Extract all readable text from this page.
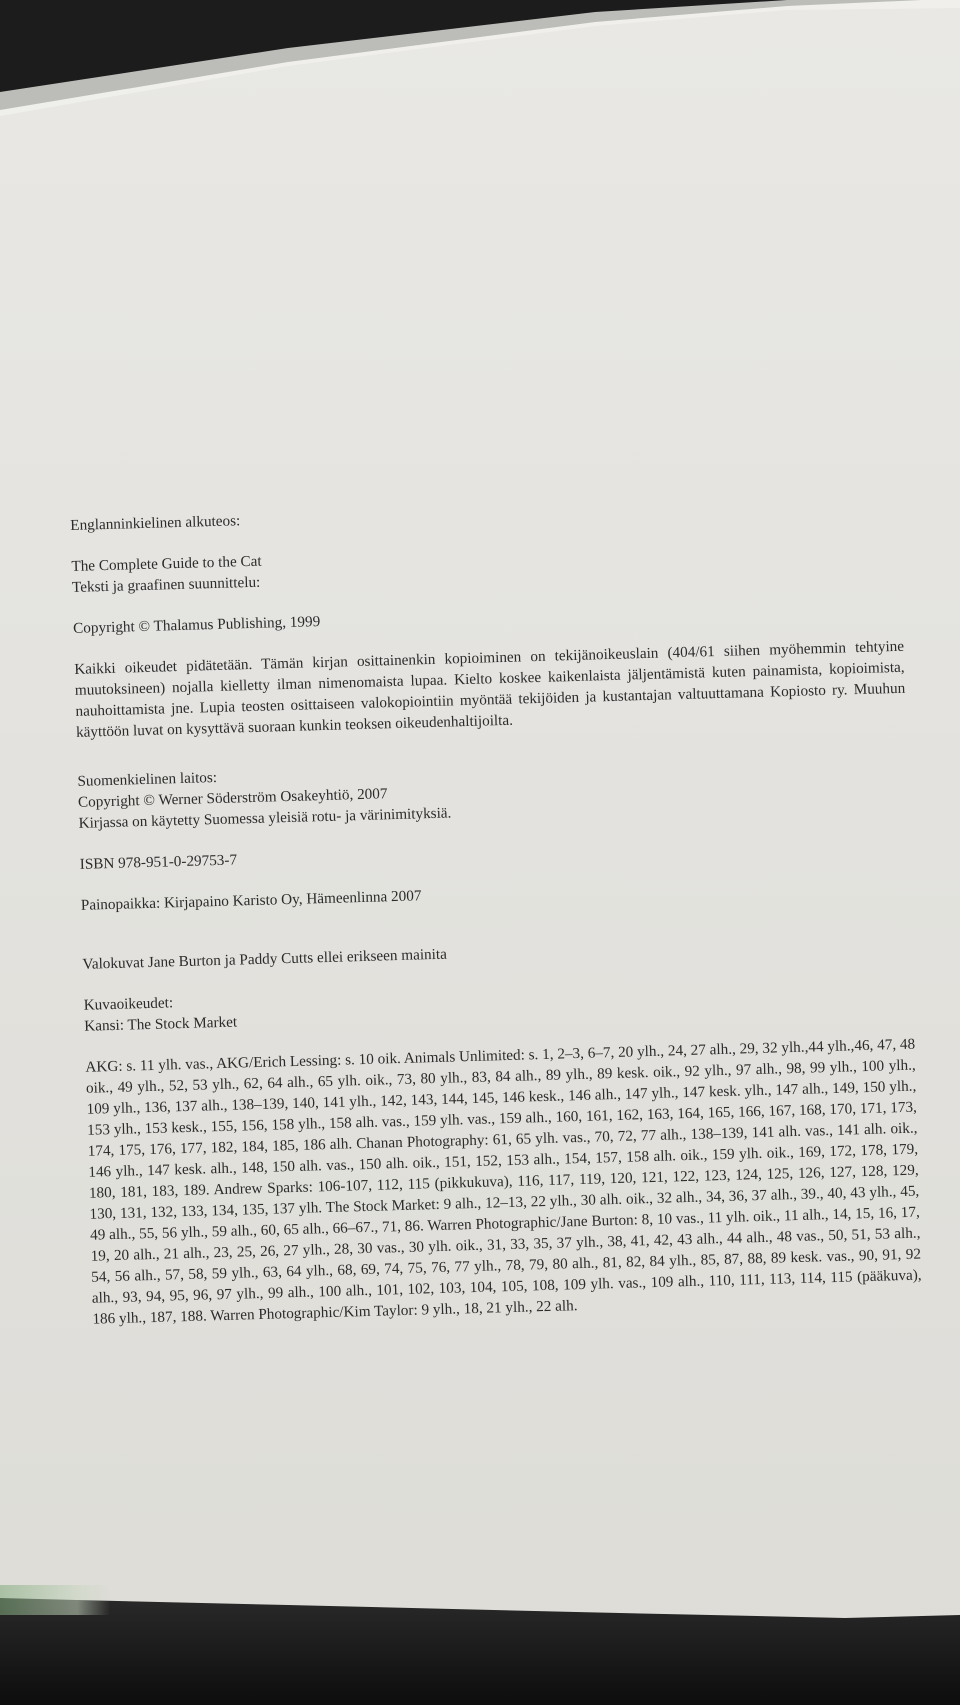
Englanninkielinen alkuteos:

The Complete Guide to the Cat

Teksti ja graafinen suunnittelu:

Copyright © Thalamus Publishing, 1999

Kaikki oikeudet pidätetään. Tämän kirjan osittainenkin kopioiminen on tekijänoikeuslain (404/61 siihen myöhemmin tehtyine muutoksineen) nojalla kielletty ilman nimenomaista lupaa. Kielto koskee kaikenlaista jäljentämistä kuten painamista, kopioimista, nauhoittamista jne. Lupia teosten osittaiseen valokopiointiin myöntää tekijöiden ja kustantajan valtuuttamana Kopiosto ry. Muuhun käyttöön luvat on kysyttävä suoraan kunkin teoksen oikeudenhaltijoilta.

Suomenkielinen laitos:

Copyright © Werner Söderström Osakeyhtiö, 2007

Kirjassa on käytetty Suomessa yleisiä rotu- ja värinimityksiä.

ISBN 978-951-0-29753-7

Painopaikka: Kirjapaino Karisto Oy, Hämeenlinna 2007

Valokuvat Jane Burton ja Paddy Cutts ellei erikseen mainita

Kuvaoikeudet:

Kansi: The Stock Market

AKG: s. 11 ylh. vas., AKG/Erich Lessing: s. 10 oik. Animals Unlimited: s. 1, 2–3, 6–7, 20 ylh., 24, 27 alh., 29, 32 ylh.,44 ylh.,46, 47, 48 oik., 49 ylh., 52, 53 ylh., 62, 64 alh., 65 ylh. oik., 73, 80 ylh., 83, 84 alh., 89 ylh., 89 kesk. oik., 92 ylh., 97 alh., 98, 99 ylh., 100 ylh., 109 ylh., 136, 137 alh., 138–139, 140, 141 ylh., 142, 143, 144, 145, 146 kesk., 146 alh., 147 ylh., 147 kesk. ylh., 147 alh., 149, 150 ylh., 153 ylh., 153 kesk., 155, 156, 158 ylh., 158 alh. vas., 159 ylh. vas., 159 alh., 160, 161, 162, 163, 164, 165, 166, 167, 168, 170, 171, 173, 174, 175, 176, 177, 182, 184, 185, 186 alh. Chanan Photography: 61, 65 ylh. vas., 70, 72, 77 alh., 138–139, 141 alh. vas., 141 alh. oik., 146 ylh., 147 kesk. alh., 148, 150 alh. vas., 150 alh. oik., 151, 152, 153 alh., 154, 157, 158 alh. oik., 159 ylh. oik., 169, 172, 178, 179, 180, 181, 183, 189. Andrew Sparks: 106-107, 112, 115 (pikkukuva), 116, 117, 119, 120, 121, 122, 123, 124, 125, 126, 127, 128, 129, 130, 131, 132, 133, 134, 135, 137 ylh. The Stock Market: 9 alh., 12–13, 22 ylh., 30 alh. oik., 32 alh., 34, 36, 37 alh., 39., 40, 43 ylh., 45, 49 alh., 55, 56 ylh., 59 alh., 60, 65 alh., 66–67., 71, 86. Warren Photographic/Jane Burton: 8, 10 vas., 11 ylh. oik., 11 alh., 14, 15, 16, 17, 19, 20 alh., 21 alh., 23, 25, 26, 27 ylh., 28, 30 vas., 30 ylh. oik., 31, 33, 35, 37 ylh., 38, 41, 42, 43 alh., 44 alh., 48 vas., 50, 51, 53 alh., 54, 56 alh., 57, 58, 59 ylh., 63, 64 ylh., 68, 69, 74, 75, 76, 77 ylh., 78, 79, 80 alh., 81, 82, 84 ylh., 85, 87, 88, 89 kesk. vas., 90, 91, 92 alh., 93, 94, 95, 96, 97 ylh., 99 alh., 100 alh., 101, 102, 103, 104, 105, 108, 109 ylh. vas., 109 alh., 110, 111, 113, 114, 115 (pääkuva), 186 ylh., 187, 188. Warren Photographic/Kim Taylor: 9 ylh., 18, 21 ylh., 22 alh.
